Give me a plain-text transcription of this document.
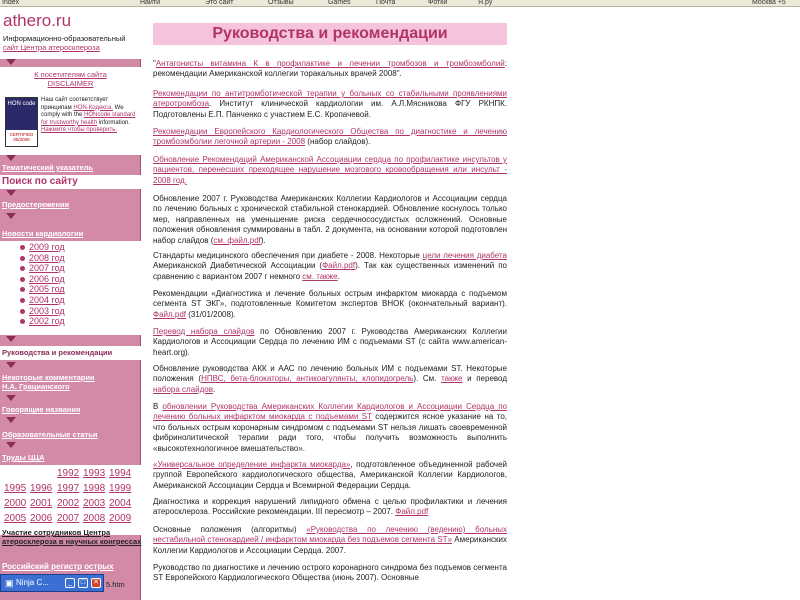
Index	Найти	Это сайт	Отзывы	Games	Почта	Фотки	Я.ру	Москва +5
athero.ru
Информационно-образовательный
сайт Центра атеросклероза
К посетителям сайта
DISCLAIMER
HON code
CERTIFIED 05/2008
Наш сайт соответствует принципам HON-Кодекса. We comply with the HONcode standard for trustworthy health information. Нажмите чтобы проверить.
Тематический указатель
Поиск по сайту
Предостережения
Новости кардиологии
2009 год
2008 год
2007 год
2006 год
2005 год
2004 год
2003 год
2002 год
Руководства и рекомендации
Некоторые комментарии
Н.А. Грацианского
Говорящие названия
Образовательные статьи
Труды ЦЦА
1992 1993 1994
1995 1996 1997 1998 1999
2000 2001 2002 2003 2004
2005 2006 2007 2008 2009
Участие сотрудников Центра
атеросклероза в научных конгрессах
Российский регистр острых
▣ Ninja C...	_	□	✕ 5.htm
Руководства и рекомендации
"Антагонисты витамина К в профилактике и лечении тромбозов и тромбоэмболий: рекомендации Американской коллегии торакальных врачей 2008".
Рекомендации по антитромботической терапии у больных со стабильными проявлениями атеротромбоза. Институт клинической кардиологии им. А.Л.Мясникова ФГУ РКНПК. Подготовлены Е.П. Панченко с участием Е.С. Кропачевой.
Рекомендации Европейского Кардиологического Общества по диагностике и лечению тромбоэмболии легочной артерии - 2008 (набор слайдов).
Обновление Рекомендаций Американской Ассоциации сердца по профилактике инсультов у пациентов, перенесших преходящее нарушение мозгового кровообращения или инсульт - 2008 год.
Обновление 2007 г. Руководства Американских Коллегии Кардиологов и Ассоциации сердца по лечению больных с хронической стабильной стенокардией. Обновление коснулось только мер, направленных на уменьшение риска сердечнососудистых осложнений. Основные положения обновления суммированы в табл. 2 документа, на основании которой подготовлен набор слайдов (см. файл.pdf).
Стандарты медицинского обеспечения при диабете - 2008. Некоторые цели лечения диабета Американской Диабетической Ассоциации (Файл.pdf). Так как существенных изменений по сравнению с вариантом 2007 г немного см. также.
Рекомендации «Диагностика и лечение больных острым инфарктом миокарда с подъемом сегмента ST ЭКГ», подготовленные Комитетом экспертов ВНОК (окончательный вариант). Файл.pdf (31/01/2008).
Перевод набора слайдов по Обновлению 2007 г. Руководства Американских Коллегии Кардиологов и Ассоциации Сердца по лечению ИМ с подъемами ST (с сайта www.american-heart.org).
Обновление руководства АКК и ААС по лечению больных ИМ с подъемами ST. Некоторые положения (НПВС, бета-блокаторы, антикоагулянты, клопидогрель). См. также и перевод набора слайдов.
В обновлении Руководства Американских Коллегии Кардиологов и Ассоциации Сердца по лечению больных инфарктом миокарда с подъемами ST содержится ясное указание на то, что больных острым коронарным синдромом с подъемами ST нельзя лишать своевременной фибринолитической терапии ради того, чтобы получить возможность выполнить «высокотехнологичное вмешательство».
«Универсальное определение инфаркта миокарда», подготовленное объединенной рабочей группой Европейского кардиологического общества, Американской Коллегии Кардиологов, Американской Ассоциации Сердца и Всемирной Федерации Сердца.
Диагностика и коррекция нарушений липидного обмена с целью профилактики и лечения атеросклероза. Российские рекомендации. III пересмотр – 2007. Файл.pdf
Основные положения (алгоритмы) «Руководства по лечению (ведению) больных нестабильной стенокардией / инфарктом миокарда без подъемов сегмента ST» Американских Коллегии Кардиологов и Ассоциации Сердца. 2007.
Руководство по диагностике и лечению острого коронарного синдрома без подъемов сегмента ST Европейского Кардиологического Общества (июнь 2007). Основные
